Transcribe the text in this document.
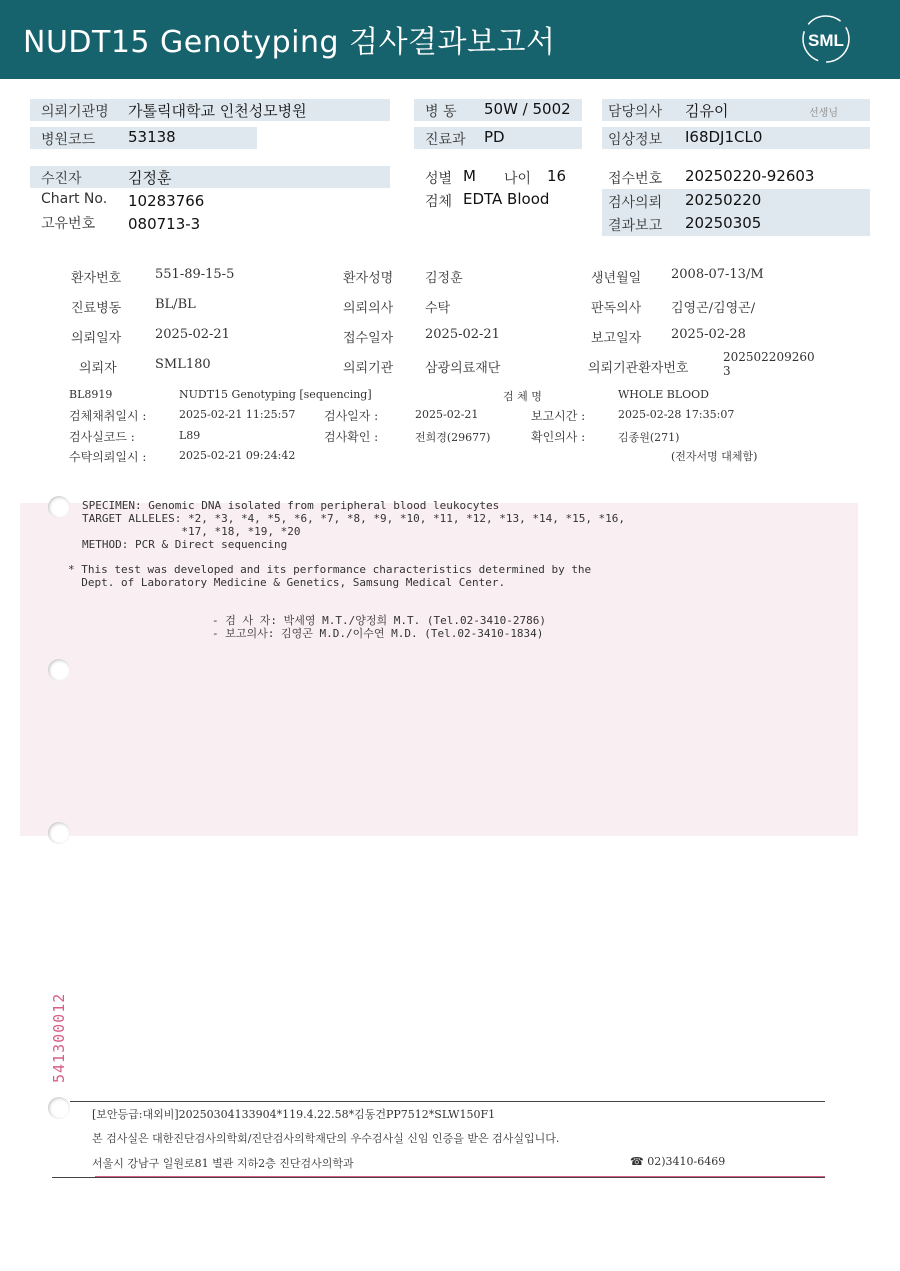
NUDT15 Genotyping 검사결과보고서	SML
의뢰기관명 가톨릭대학교 인천성모병원
병원코드 53138
병 동 50W / 5002
진료과 PD
담당의사 김유이	선생님
임상정보 I68DJ1CL0
수진자	김정훈
Chart No. 10283766
고유번호 080713-3
성별 M 나이 16
검체 EDTA Blood
접수번호 20250220-92603
검사의뢰 20250220
결과보고 20250305
환자번호	551-89-15-5	환자성명 김정훈	생년월일 2008-07-13/M
진료병동	BL/BL	의뢰의사 수탁	판독의사 김영곤/김영곤/
의뢰일자	2025-02-21	접수일자 2025-02-21	보고일자 2025-02-28
의뢰자	SML180	의뢰기관 삼광의료재단	의뢰기관환자번호
202502209260
3
BL8919	NUDT15 Genotyping [sequencing]	검 체 명	WHOLE BLOOD
검체채취일시 :	2025-02-21 11:25:57 검사일자 :	2025-02-21	보고시간 :	2025-02-28 17:35:07
검사실코드 :	L89	검사확인 :	전희경(29677)	확인의사 :	김종원(271)
수탁의뢰일시 :	2025-02-21 09:24:42	(전자서명 대체함)
SPECIMEN: Genomic DNA isolated from peripheral blood leukocytes
TARGET ALLELES: *2, *3, *4, *5, *6, *7, *8, *9, *10, *11, *12, *13, *14, *15, *16,
*17, *18, *19, *20
METHOD: PCR & Direct sequencing
* This test was developed and its performance characteristics determined by the
Dept. of Laboratory Medicine & Genetics, Samsung Medical Center.
- 검 사 자: 박세영 M.T./양정희 M.T. (Tel.02-3410-2786)
- 보고의사: 김영곤 M.D./이수연 M.D. (Tel.02-3410-1834)
541300012
[보안등급:대외비]20250304133904*119.4.22.58*김동건PP7512*SLW150F1
본 검사실은 대한진단검사의학회/진단검사의학재단의 우수검사실 신임 인증을 받은 검사실입니다.
서울시 강남구 일원로81 별관 지하2층 진단검사의학과	☎ 02)3410-6469
